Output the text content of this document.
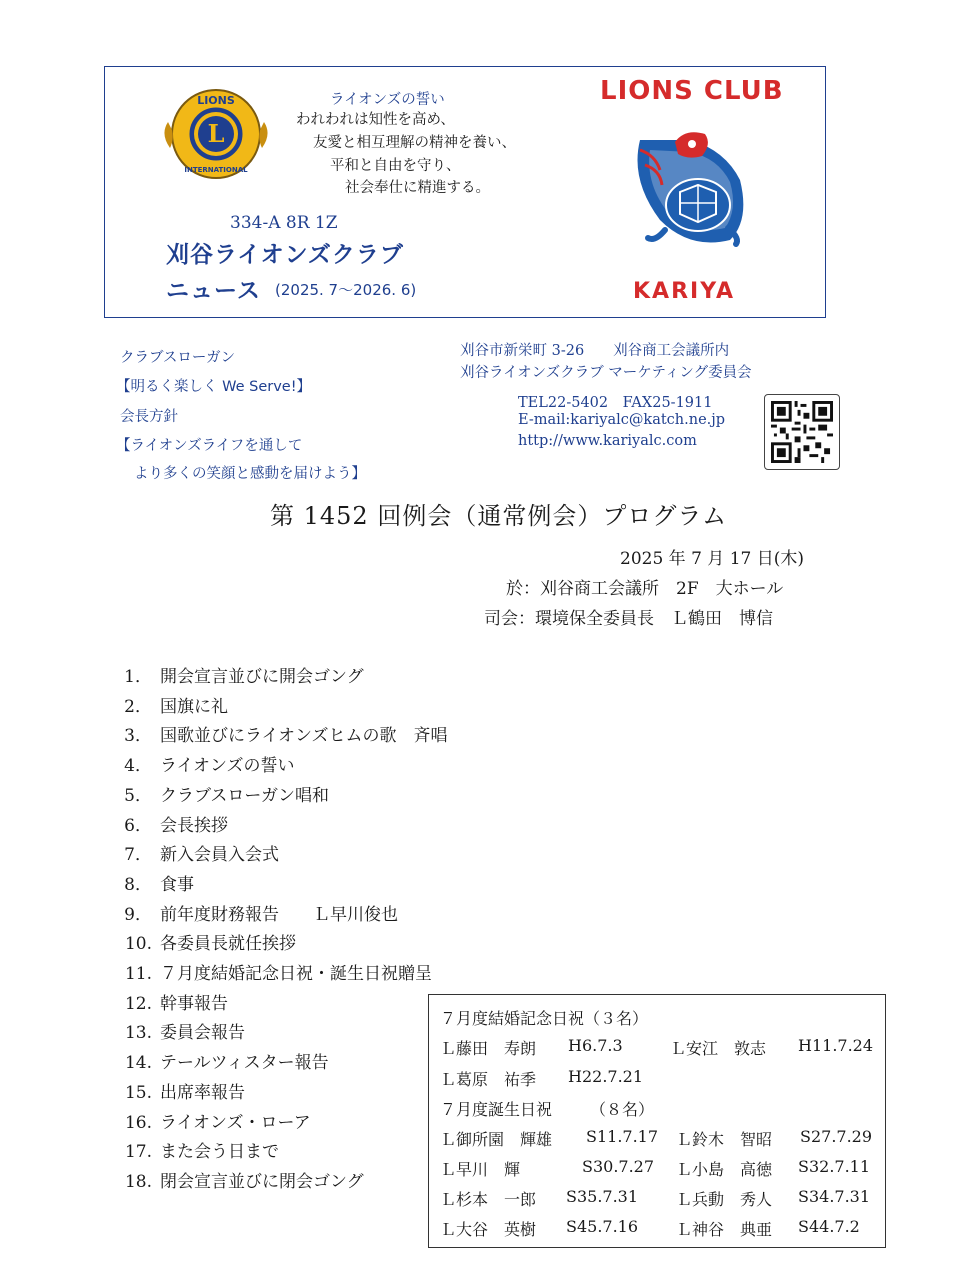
LIONS
L
INTERNATIONAL
ライオンズの誓い
われわれは知性を高め、
友愛と相互理解の精神を養い、
平和と自由を守り、
社会奉仕に精進する。
334-A 8R 1Z
刈谷ライオンズクラブ
ニュース (2025. 7～2026. 6)
LIONS CLUB
KARIYA
クラブスローガン
【明るく楽しく We Serve!】
会長方針
【ライオンズライフを通して
より多くの笑顔と感動を届けよう】
刈谷市新栄町 3-26　　刈谷商工会議所内
刈谷ライオンズクラブ マーケティング委員会
TEL22-5402　FAX25-1911
E-mail:kariyalc@katch.ne.jp
http://www.kariyalc.com
第 1452 回例会（通常例会）プログラム
2025 年 7 月 17 日(木)
於：刈谷商工会議所　2F　大ホール
司会：環境保全委員長　Ｌ鶴田　博信
1． 開会宣言並びに開会ゴング
2． 国旗に礼
3． 国歌並びにライオンズヒムの歌　斉唱
4． ライオンズの誓い
5． クラブスローガン唱和
6． 会長挨拶
7． 新入会員入会式
8． 食事
9． 前年度財務報告　　Ｌ早川俊也
10. 各委員長就任挨拶
11. ７月度結婚記念日祝・誕生日祝贈呈
12. 幹事報告
13. 委員会報告
14. テールツィスター報告
15. 出席率報告
16. ライオンズ・ローア
17. また会う日まで
18. 閉会宣言並びに閉会ゴング
７月度結婚記念日祝（３名）
Ｌ藤田　寿朗 H6.7.3	Ｌ安江　敦志 H11.7.24
Ｌ葛原　祐季 H22.7.21
７月度誕生日祝 （８名）
Ｌ御所園　輝雄 S11.7.17 Ｌ鈴木　智昭 S27.7.29
Ｌ早川　輝	S30.7.27 Ｌ小島　高徳 S32.7.11
Ｌ杉本　一郎 S35.7.31 Ｌ兵動　秀人 S34.7.31
Ｌ大谷　英樹 S45.7.16 Ｌ神谷　典亜 S44.7.2
